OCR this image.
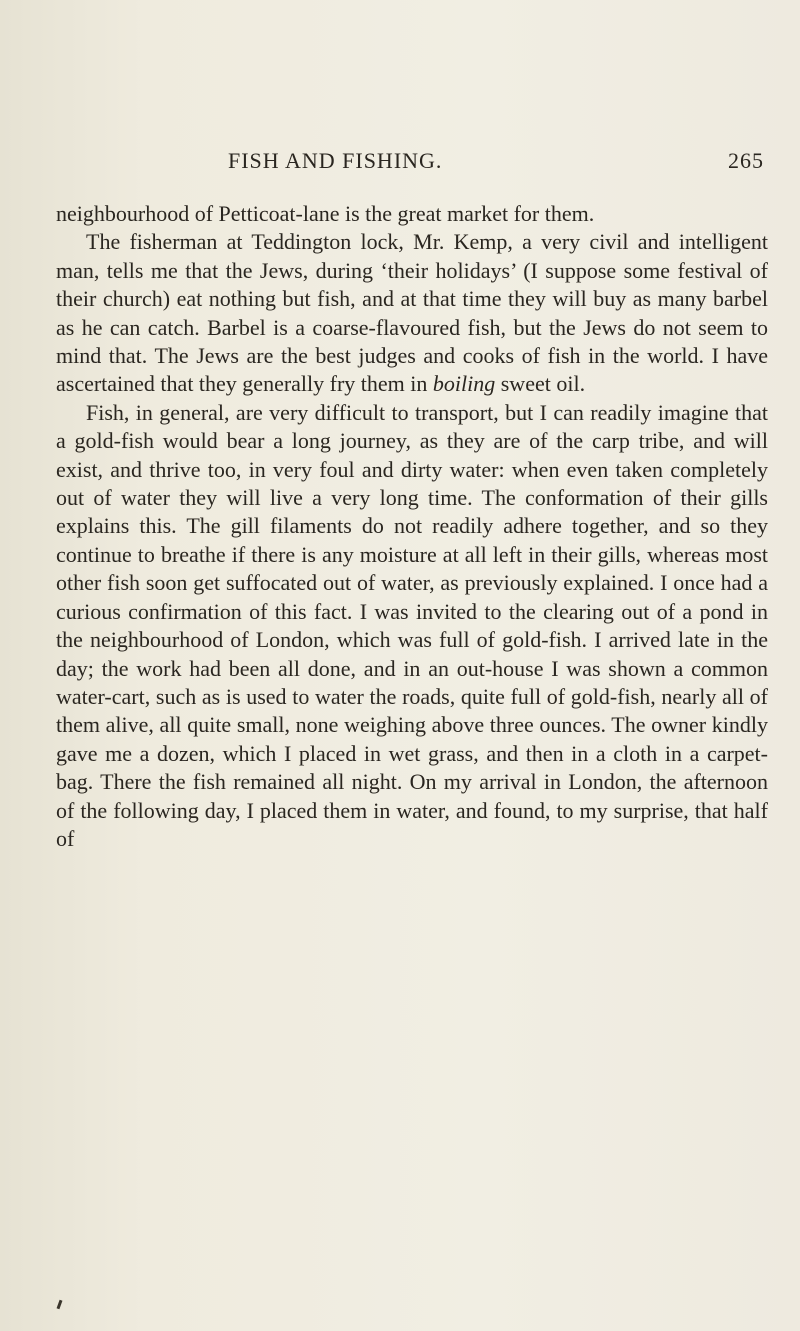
FISH AND FISHING.	265

neighbourhood of Petticoat-lane is the great market for them.

The fisherman at Teddington lock, Mr. Kemp, a very civil and intelligent man, tells me that the Jews, during ‘their holidays’ (I suppose some festival of their church) eat nothing but fish, and at that time they will buy as many barbel as he can catch. Barbel is a coarse-flavoured fish, but the Jews do not seem to mind that. The Jews are the best judges and cooks of fish in the world. I have ascertained that they generally fry them in boiling sweet oil.

Fish, in general, are very difficult to transport, but I can readily imagine that a gold-fish would bear a long journey, as they are of the carp tribe, and will exist, and thrive too, in very foul and dirty water: when even taken completely out of water they will live a very long time. The conformation of their gills explains this. The gill filaments do not readily adhere together, and so they continue to breathe if there is any moisture at all left in their gills, whereas most other fish soon get suffocated out of water, as previously explained. I once had a curious confirmation of this fact. I was invited to the clearing out of a pond in the neighbourhood of London, which was full of gold-fish. I arrived late in the day; the work had been all done, and in an out-house I was shown a common water-cart, such as is used to water the roads, quite full of gold-fish, nearly all of them alive, all quite small, none weighing above three ounces. The owner kindly gave me a dozen, which I placed in wet grass, and then in a cloth in a carpet-bag. There the fish remained all night. On my arrival in London, the afternoon of the following day, I placed them in water, and found, to my surprise, that half of
